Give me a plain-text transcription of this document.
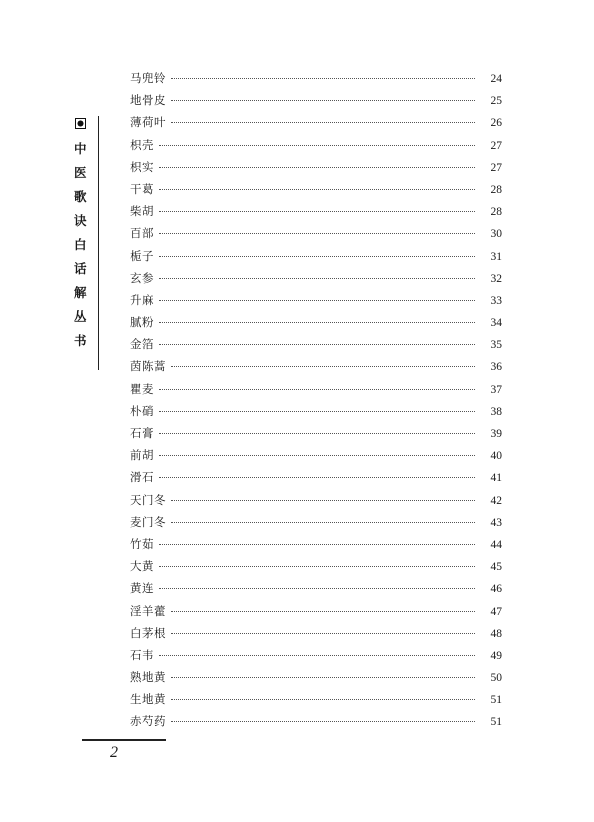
中
医
歌
诀
白
话
解
丛
书
马兜铃	24
地骨皮	25
薄荷叶	26
枳壳	27
枳实	27
干葛	28
柴胡	28
百部	30
栀子	31
玄参	32
升麻	33
腻粉	34
金箔	35
茵陈蒿	36
瞿麦	37
朴硝	38
石膏	39
前胡	40
滑石	41
天门冬	42
麦门冬	43
竹茹	44
大黄	45
黄连	46
淫羊藿	47
白茅根	48
石韦	49
熟地黄	50
生地黄	51
赤芍药	51
2
